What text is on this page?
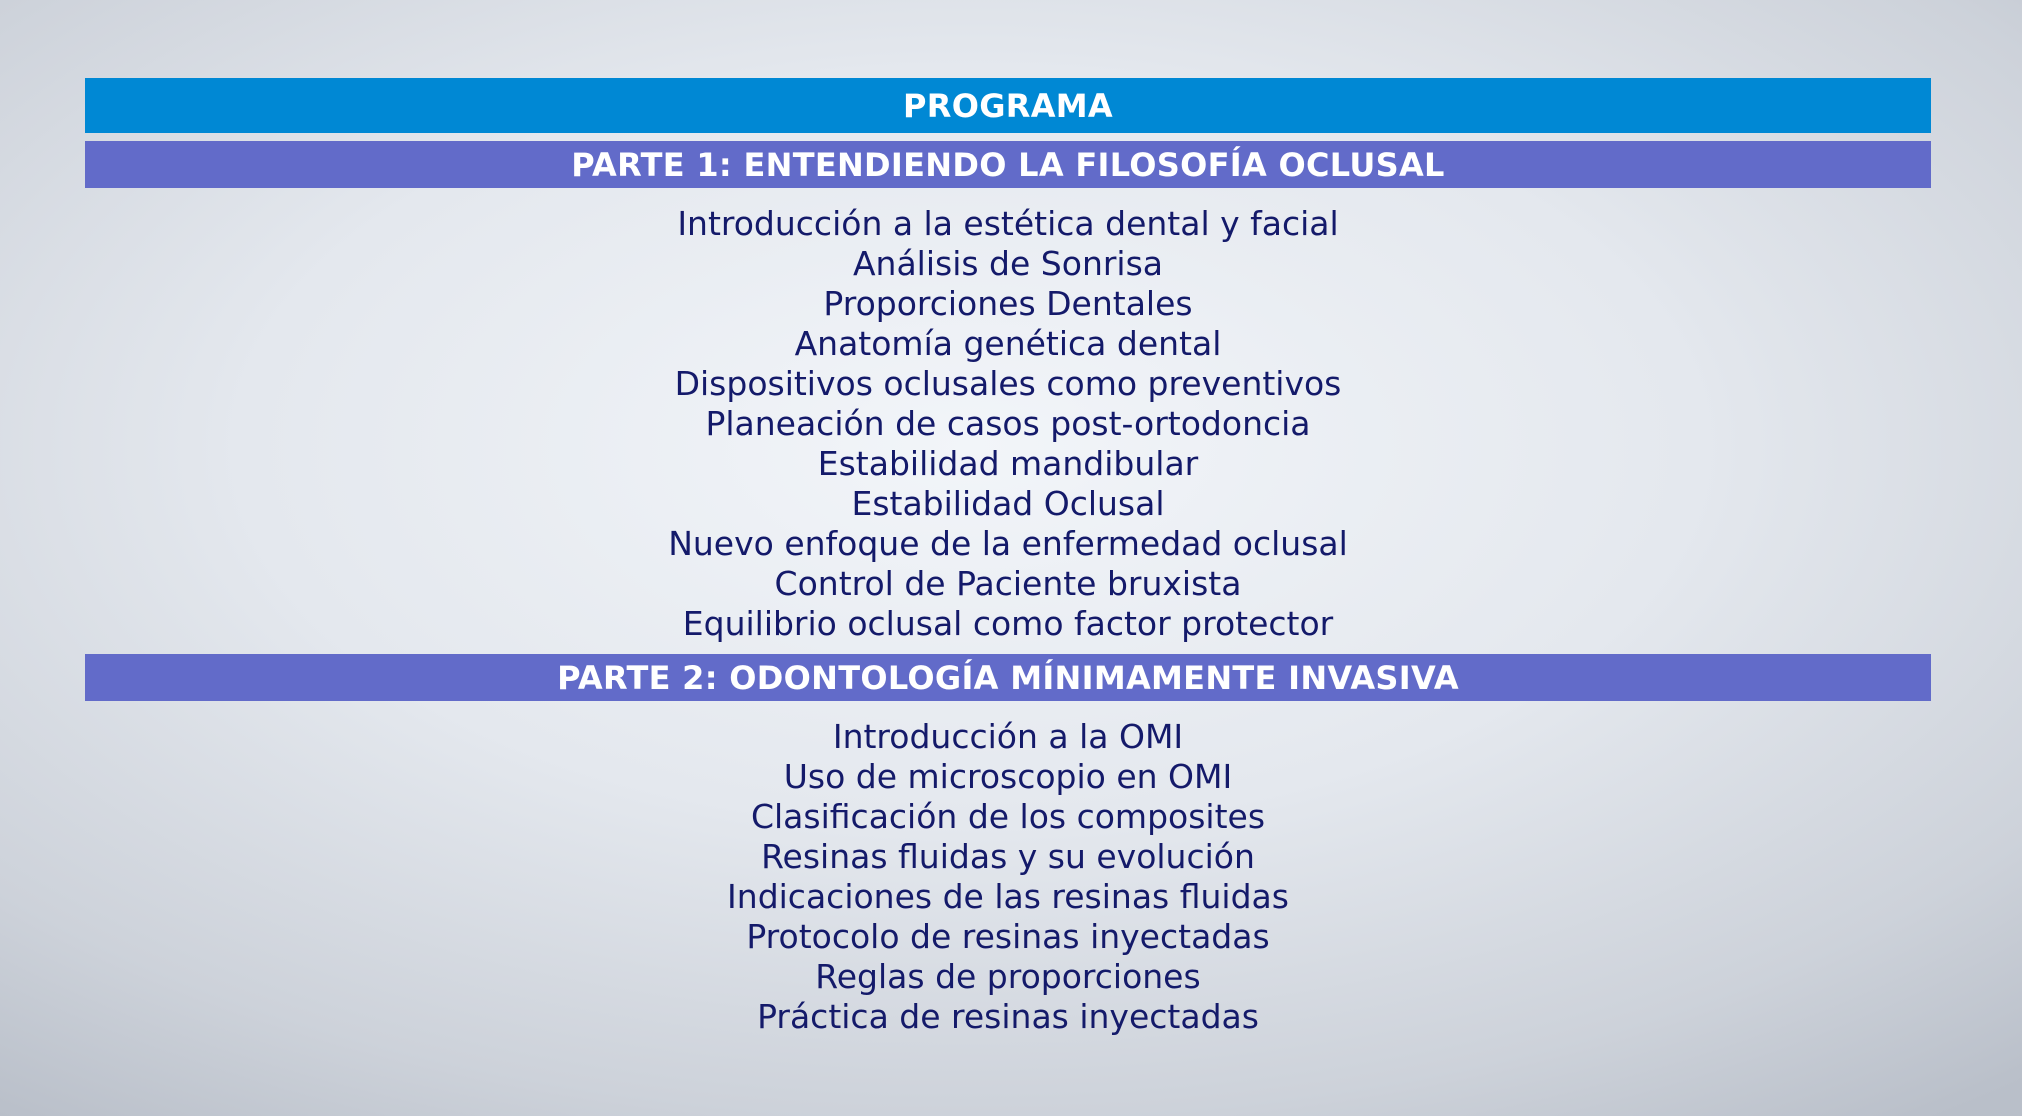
PROGRAMA
PARTE 1: ENTENDIENDO LA FILOSOFÍA OCLUSAL
Introducción a la estética dental y facial
Análisis de Sonrisa
Proporciones Dentales
Anatomía genética dental
Dispositivos oclusales como preventivos
Planeación de casos post-ortodoncia
Estabilidad mandibular
Estabilidad Oclusal
Nuevo enfoque de la enfermedad oclusal
Control de Paciente bruxista
Equilibrio oclusal como factor protector
PARTE 2: ODONTOLOGÍA MÍNIMAMENTE INVASIVA
Introducción a la OMI
Uso de microscopio en OMI
Clasificación de los composites
Resinas fluidas y su evolución
Indicaciones de las resinas fluidas
Protocolo de resinas inyectadas
Reglas de proporciones
Práctica de resinas inyectadas
